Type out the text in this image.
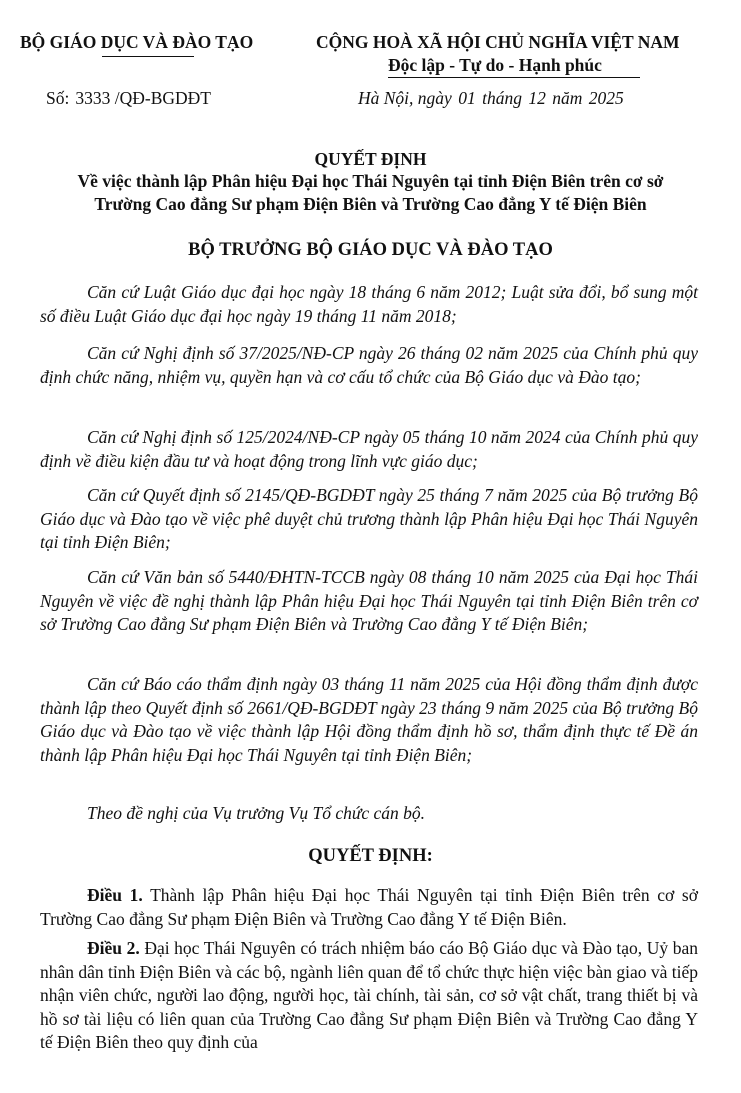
BỘ GIÁO DỤC VÀ ĐÀO TẠO	CỘNG HOÀ XÃ HỘI CHỦ NGHĨA VIỆT NAM
Độc lập - Tự do - Hạnh phúc
Số: 3333 /QĐ-BGDĐT	Hà Nội, ngày 01 tháng 12 năm 2025
QUYẾT ĐỊNH
Về việc thành lập Phân hiệu Đại học Thái Nguyên tại tỉnh Điện Biên trên cơ sở
Trường Cao đẳng Sư phạm Điện Biên và Trường Cao đẳng Y tế Điện Biên
BỘ TRƯỞNG BỘ GIÁO DỤC VÀ ĐÀO TẠO
Căn cứ Luật Giáo dục đại học ngày 18 tháng 6 năm 2012; Luật sửa đổi, bổ sung một số điều Luật Giáo dục đại học ngày 19 tháng 11 năm 2018;
Căn cứ Nghị định số 37/2025/NĐ-CP ngày 26 tháng 02 năm 2025 của Chính phủ quy định chức năng, nhiệm vụ, quyền hạn và cơ cấu tổ chức của Bộ Giáo dục và Đào tạo;
Căn cứ Nghị định số 125/2024/NĐ-CP ngày 05 tháng 10 năm 2024 của Chính phủ quy định về điều kiện đầu tư và hoạt động trong lĩnh vực giáo dục;
Căn cứ Quyết định số 2145/QĐ-BGDĐT ngày 25 tháng 7 năm 2025 của Bộ trưởng Bộ Giáo dục và Đào tạo về việc phê duyệt chủ trương thành lập Phân hiệu Đại học Thái Nguyên tại tỉnh Điện Biên;
Căn cứ Văn bản số 5440/ĐHTN-TCCB ngày 08 tháng 10 năm 2025 của Đại học Thái Nguyên về việc đề nghị thành lập Phân hiệu Đại học Thái Nguyên tại tỉnh Điện Biên trên cơ sở Trường Cao đẳng Sư phạm Điện Biên và Trường Cao đẳng Y tế Điện Biên;
Căn cứ Báo cáo thẩm định ngày 03 tháng 11 năm 2025 của Hội đồng thẩm định được thành lập theo Quyết định số 2661/QĐ-BGDĐT ngày 23 tháng 9 năm 2025 của Bộ trưởng Bộ Giáo dục và Đào tạo về việc thành lập Hội đồng thẩm định hồ sơ, thẩm định thực tế Đề án thành lập Phân hiệu Đại học Thái Nguyên tại tỉnh Điện Biên;
Theo đề nghị của Vụ trưởng Vụ Tổ chức cán bộ.
QUYẾT ĐỊNH:
Điều 1. Thành lập Phân hiệu Đại học Thái Nguyên tại tỉnh Điện Biên trên cơ sở Trường Cao đẳng Sư phạm Điện Biên và Trường Cao đẳng Y tế Điện Biên.
Điều 2. Đại học Thái Nguyên có trách nhiệm báo cáo Bộ Giáo dục và Đào tạo, Uỷ ban nhân dân tỉnh Điện Biên và các bộ, ngành liên quan để tổ chức thực hiện việc bàn giao và tiếp nhận viên chức, người lao động, người học, tài chính, tài sản, cơ sở vật chất, trang thiết bị và hồ sơ tài liệu có liên quan của Trường Cao đẳng Sư phạm Điện Biên và Trường Cao đẳng Y tế Điện Biên theo quy định của
